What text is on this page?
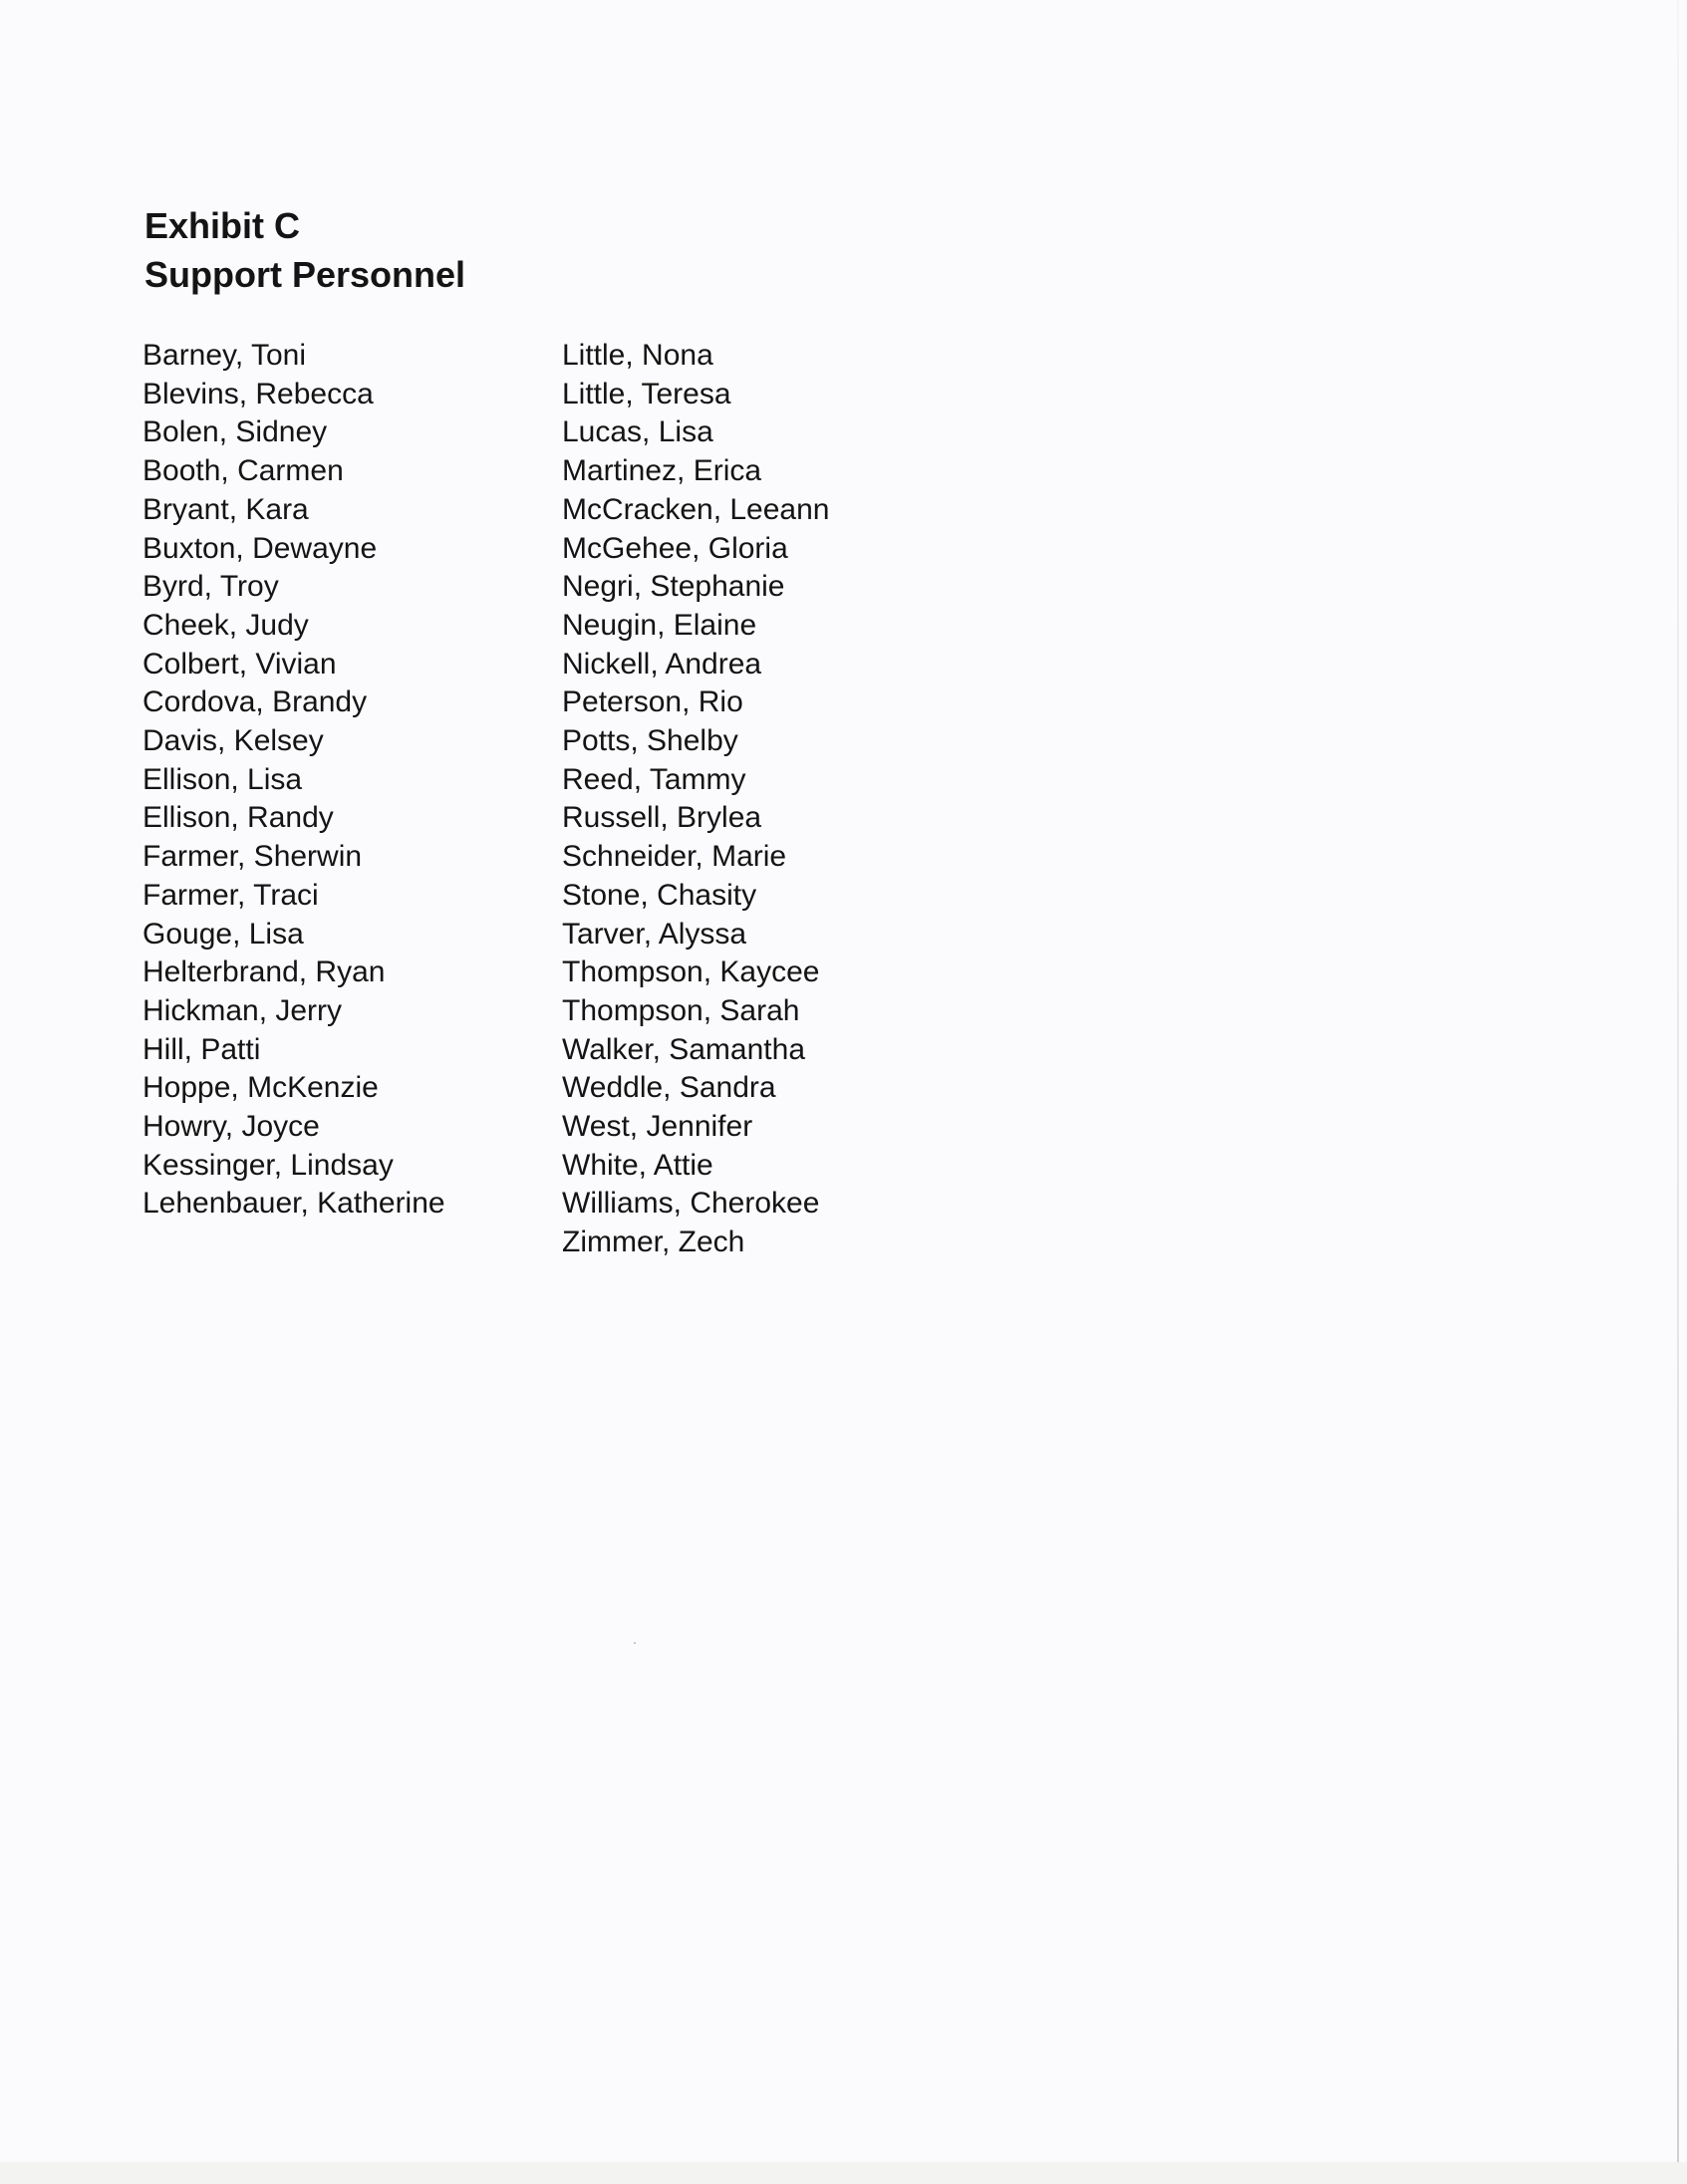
Exhibit C
Support Personnel
Barney, Toni
Blevins, Rebecca
Bolen, Sidney
Booth, Carmen
Bryant, Kara
Buxton, Dewayne
Byrd, Troy
Cheek, Judy
Colbert, Vivian
Cordova, Brandy
Davis, Kelsey
Ellison, Lisa
Ellison, Randy
Farmer, Sherwin
Farmer, Traci
Gouge, Lisa
Helterbrand, Ryan
Hickman, Jerry
Hill, Patti
Hoppe, McKenzie
Howry, Joyce
Kessinger, Lindsay
Lehenbauer, Katherine
Little, Nona
Little, Teresa
Lucas, Lisa
Martinez, Erica
McCracken, Leeann
McGehee, Gloria
Negri, Stephanie
Neugin, Elaine
Nickell, Andrea
Peterson, Rio
Potts, Shelby
Reed, Tammy
Russell, Brylea
Schneider, Marie
Stone, Chasity
Tarver, Alyssa
Thompson, Kaycee
Thompson, Sarah
Walker, Samantha
Weddle, Sandra
West, Jennifer
White, Attie
Williams, Cherokee
Zimmer, Zech
